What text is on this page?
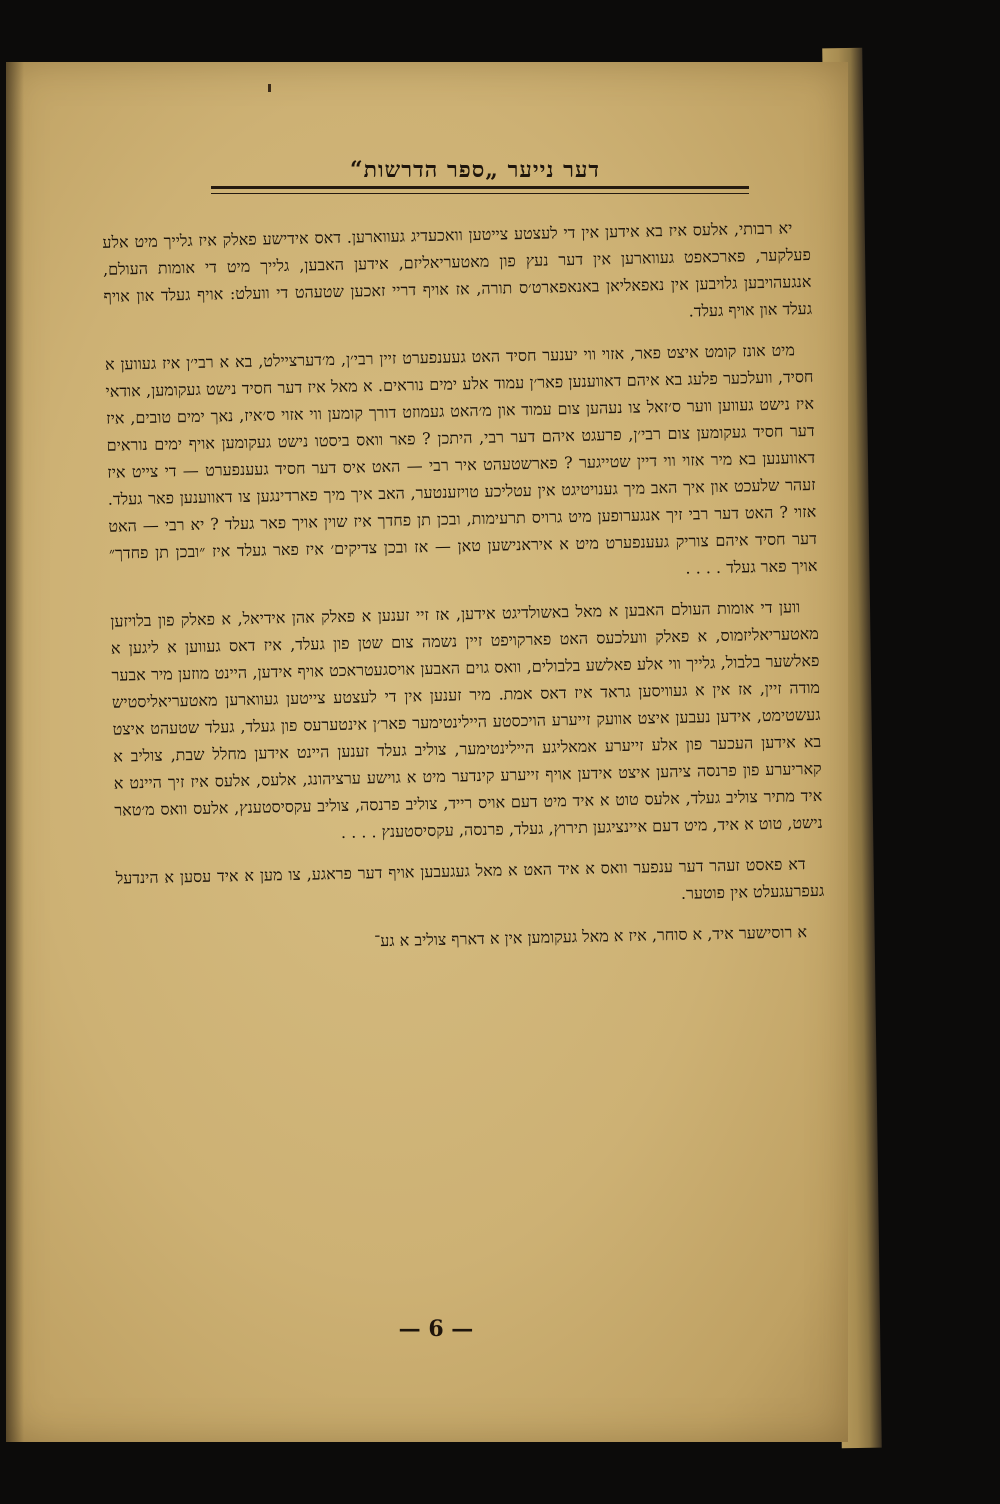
דער נייער „ספר הדרשות“

יא רבותי, אלעס איז בא אידען אין די לעצטע צייטען וואכעדיג געווארען. דאס אידישע פאלק איז גלייך מיט אלע פעלקער, פארכאפט געווארען אין דער נעץ פון מאטעריאליזם, אידען האבען, גלייך מיט די אומות העולם, אנגעהויבען גלויבען אין נאפאליאן באנאפארט׳ס תורה, אז אויף דריי זאכען שטעהט די וועלט: אויף געלד און אויף געלד און אויף געלד.

מיט אונז קומט איצט פאר, אזוי ווי יענער חסיד האט געענפערט זיין רבי׳ן, מ׳דערציילט, בא א רבי׳ן איז געווען א חסיד, וועלכער פלעג בא איהם דאווענען פאר׳ן עמוד אלע ימים נוראים. א מאל איז דער חסיד נישט געקומען, אודאי איז נישט געווען ווער ס׳זאל צו נעהען צום עמוד און מ׳האט געמוזט דורך קומען ווי אזוי ס׳איז, נאך ימים טובים, איז דער חסיד געקומען צום רבי׳ן, פרעגט איהם דער רבי, היתכן ? פאר וואס ביסטו נישט געקומען אויף ימים נוראים דאווענען בא מיר אזוי ווי דיין שטייגער ? פארשטעהט איר רבי — האט איס דער חסיד געענפערט — די צייט איז זעהר שלעכט און איך האב מיך גענויטיגט אין עטליכע טויזענטער, האב איך מיך פארדינגען צו דאווענען פאר געלד. אזוי ? האט דער רבי זיך אנגערופען מיט גרויס תרעימות, ובכן תן פחדך איז שוין אויך פאר געלד ? יא רבי — האט דער חסיד איהם צוריק געענפערט מיט א איראנישען טאן — אז ובכן צדיקים׳ איז פאר געלד איז ״ובכן תן פחדך״ אויך פאר געלד . . . .

ווען די אומות העולם האבען א מאל באשולדיגט אידען, אז זיי זענען א פאלק אהן אידיאל, א פאלק פון בלויזען מאטעריאליזמוס, א פאלק וועלכעס האט פארקויפט זיין נשמה צום שטן פון געלד, איז דאס געווען א ליגען א פאלשער בלבול, גלייך ווי אלע פאלשע בלבולים, וואס גוים האבען אויסגעטראכט אויף אידען, היינט מוזען מיר אבער מודה זיין, אז אין א געוויסען גראד איז דאס אמת. מיר זענען אין די לעצטע צייטען געווארען מאטעריאליסטיש געשטימט, אידען נעבען איצט אוועק זייערע הויכסטע היילינטימער פאר׳ן אינטערעס פון געלד, געלד שטעהט איצט בא אידען העכער פון אלע זייערע אמאליגע היילינטימער, צוליב געלד זענען היינט אידען מחלל שבת, צוליב א קאריערע פון פרנסה ציהען איצט אידען אויף זייערע קינדער מיט א גוישע ערציהונג, אלעס, אלעס איז זיך היינט א איד מתיר צוליב געלד, אלעס טוט א איד מיט דעם אויס רייד, צוליב פרנסה, צוליב עקסיסטענץ, אלעס וואס מ׳טאר נישט, טוט א איד, מיט דעם איינציגען תירוץ, געלד, פרנסה, עקסיסטענץ . . . .

דא פאסט זעהר דער ענפער וואס א איד האט א מאל געגעבען אויף דער פראגע, צו מען א איד עסען א הינדעל געפרעגעלט אין פוטער.

א רוסישער איד, א סוחר, איז א מאל געקומען אין א דארף צוליב א גע־

— 6 —
